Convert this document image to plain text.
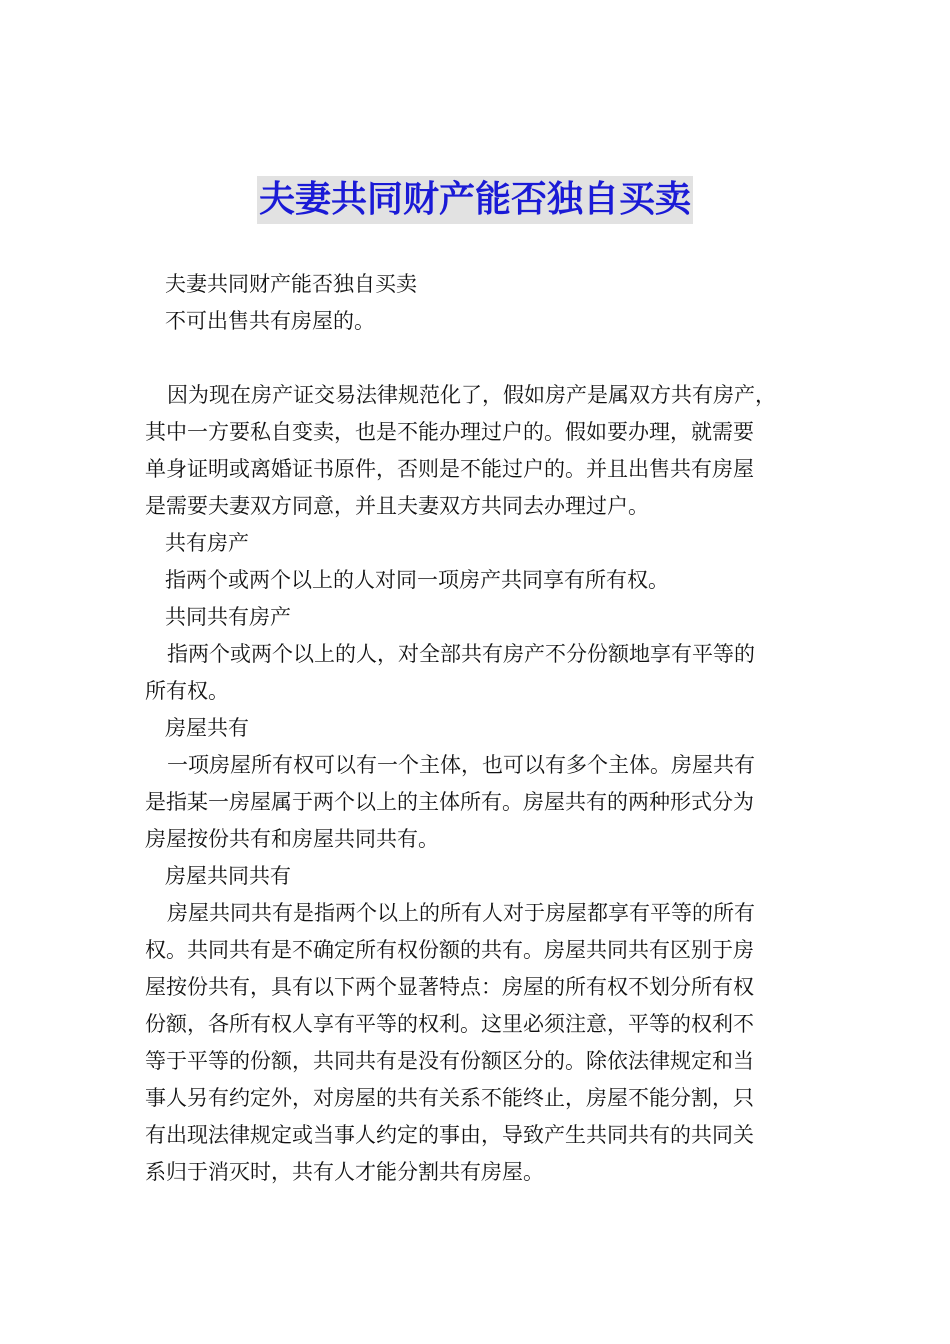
夫妻共同财产能否独自买卖
夫妻共同财产能否独自买卖
不可出售共有房屋的。
因为现在房产证交易法律规范化了，假如房产是属双方共有房产，
其中一方要私自变卖，也是不能办理过户的。假如要办理，就需要
单身证明或离婚证书原件，否则是不能过户的。并且出售共有房屋
是需要夫妻双方同意，并且夫妻双方共同去办理过户。
共有房产
指两个或两个以上的人对同一项房产共同享有所有权。
共同共有房产
指两个或两个以上的人，对全部共有房产不分份额地享有平等的
所有权。
房屋共有
一项房屋所有权可以有一个主体，也可以有多个主体。房屋共有
是指某一房屋属于两个以上的主体所有。房屋共有的两种形式分为
房屋按份共有和房屋共同共有。
房屋共同共有
房屋共同共有是指两个以上的所有人对于房屋都享有平等的所有
权。共同共有是不确定所有权份额的共有。房屋共同共有区别于房
屋按份共有，具有以下两个显著特点：房屋的所有权不划分所有权
份额，各所有权人享有平等的权利。这里必须注意，平等的权利不
等于平等的份额，共同共有是没有份额区分的。除依法律规定和当
事人另有约定外，对房屋的共有关系不能终止，房屋不能分割，只
有出现法律规定或当事人约定的事由，导致产生共同共有的共同关
系归于消灭时，共有人才能分割共有房屋。
